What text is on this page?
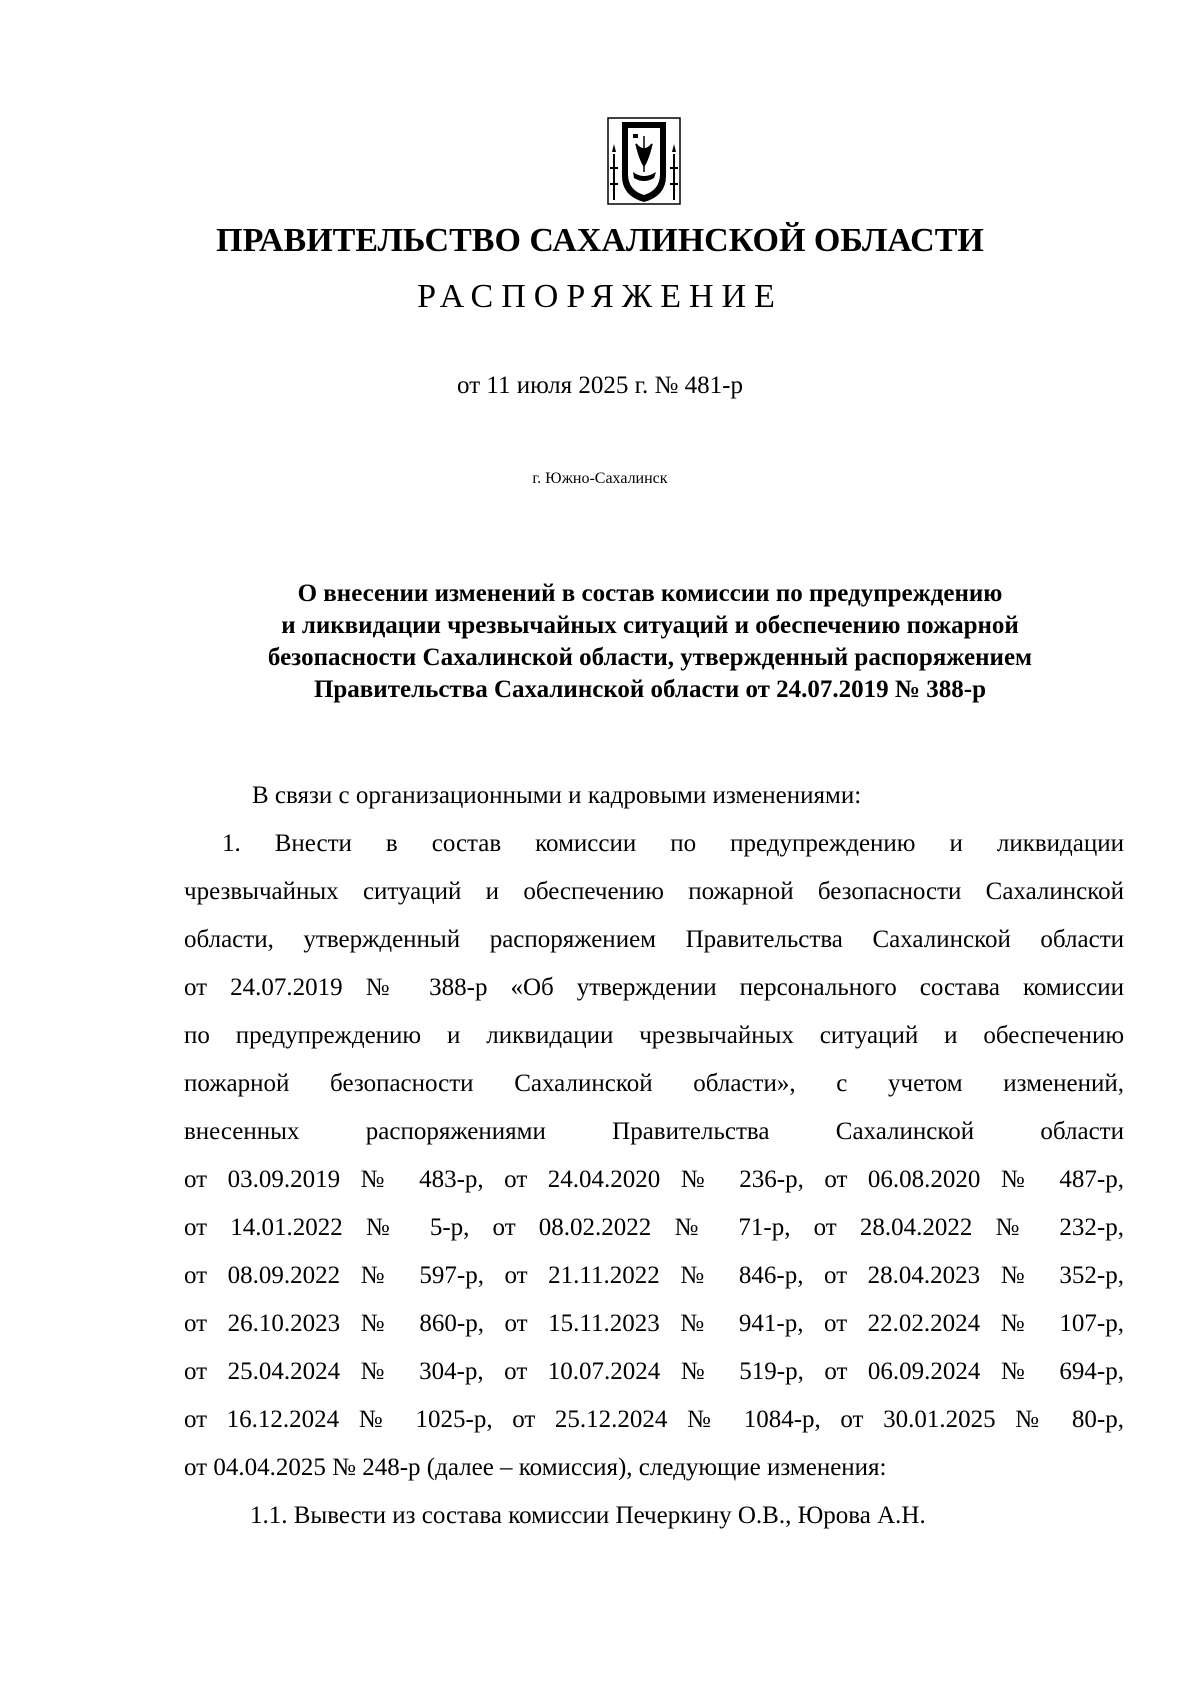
ПРАВИТЕЛЬСТВО САХАЛИНСКОЙ ОБЛАСТИ
РАСПОРЯЖЕНИЕ
от 11 июля 2025 г. № 481-р
г. Южно-Сахалинск
О внесении изменений в состав комиссии по предупреждению
и ликвидации чрезвычайных ситуаций и обеспечению пожарной
безопасности Сахалинской области, утвержденный распоряжением
Правительства Сахалинской области от 24.07.2019 № 388-р
В связи с организационными и кадровыми изменениями:
1. Внести в состав комиссии по предупреждению и ликвидации
чрезвычайных ситуаций и обеспечению пожарной безопасности Сахалинской
области, утвержденный распоряжением Правительства Сахалинской области
от 24.07.2019 № 388-р «Об утверждении персонального состава комиссии
по предупреждению и ликвидации чрезвычайных ситуаций и обеспечению
пожарной безопасности Сахалинской области», с учетом изменений,
внесенных распоряжениями Правительства Сахалинской области
от 03.09.2019 № 483-р, от 24.04.2020 № 236-р, от 06.08.2020 № 487-р,
от 14.01.2022 № 5-р, от 08.02.2022 № 71-р, от 28.04.2022 № 232-р,
от 08.09.2022 № 597-р, от 21.11.2022 № 846-р, от 28.04.2023 № 352-р,
от 26.10.2023 № 860-р, от 15.11.2023 № 941-р, от 22.02.2024 № 107-р,
от 25.04.2024 № 304-р, от 10.07.2024 № 519-р, от 06.09.2024 № 694-р,
от 16.12.2024 № 1025-р, от 25.12.2024 № 1084-р, от 30.01.2025 № 80-р,
от 04.04.2025 № 248-р (далее – комиссия), следующие изменения:
1.1. Вывести из состава комиссии Печеркину О.В., Юрова А.Н.
